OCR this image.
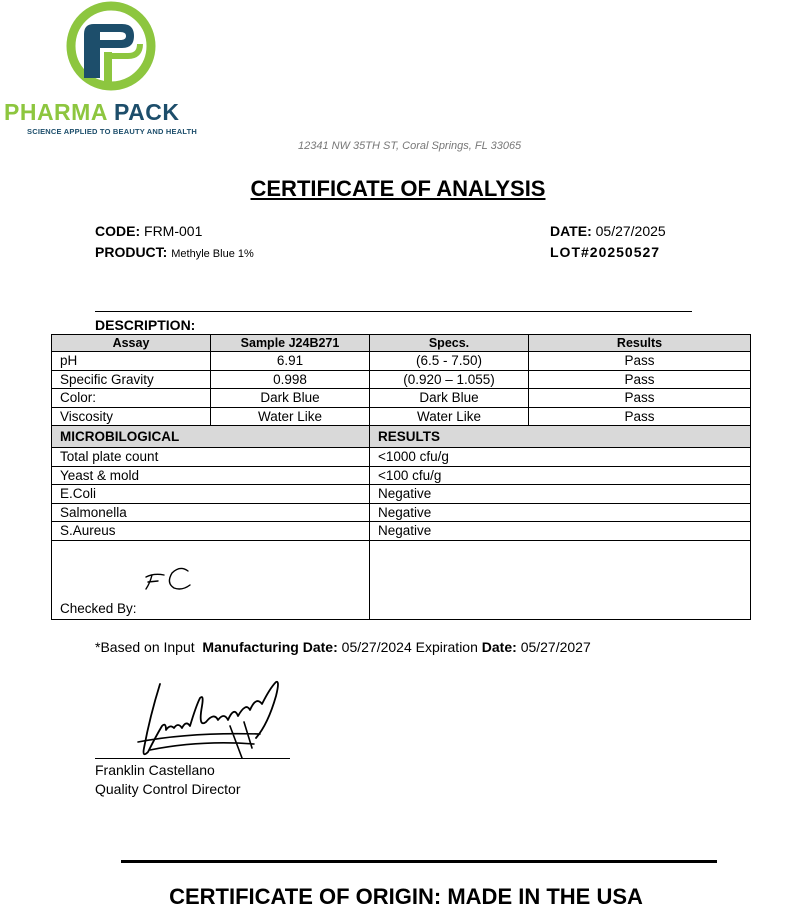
PHARMA PACK
SCIENCE APPLIED TO BEAUTY AND HEALTH
12341 NW 35TH ST, Coral Springs, FL 33065
CERTIFICATE OF ANALYSIS
CODE: FRM-001	DATE: 05/27/2025
PRODUCT: Methyle Blue 1%	LOT#20250527
DESCRIPTION:
Assay	Sample J24B271	Specs.	Results
pH	6.91	(6.5 - 7.50)	Pass
Specific Gravity	0.998	(0.920 – 1.055)	Pass
Color:	Dark Blue	Dark Blue	Pass
Viscosity	Water Like	Water Like	Pass
MICROBILOGICAL		RESULTS	
Total plate count		<1000 cfu/g	
Yeast & mold		<100 cfu/g	
E.Coli		Negative	
Salmonella		Negative	
S.Aureus		Negative	
Checked By:			
*Based on Input Manufacturing Date: 05/27/2024 Expiration Date: 05/27/2027
Franklin Castellano
Quality Control Director
CERTIFICATE OF ORIGIN: MADE IN THE USA
